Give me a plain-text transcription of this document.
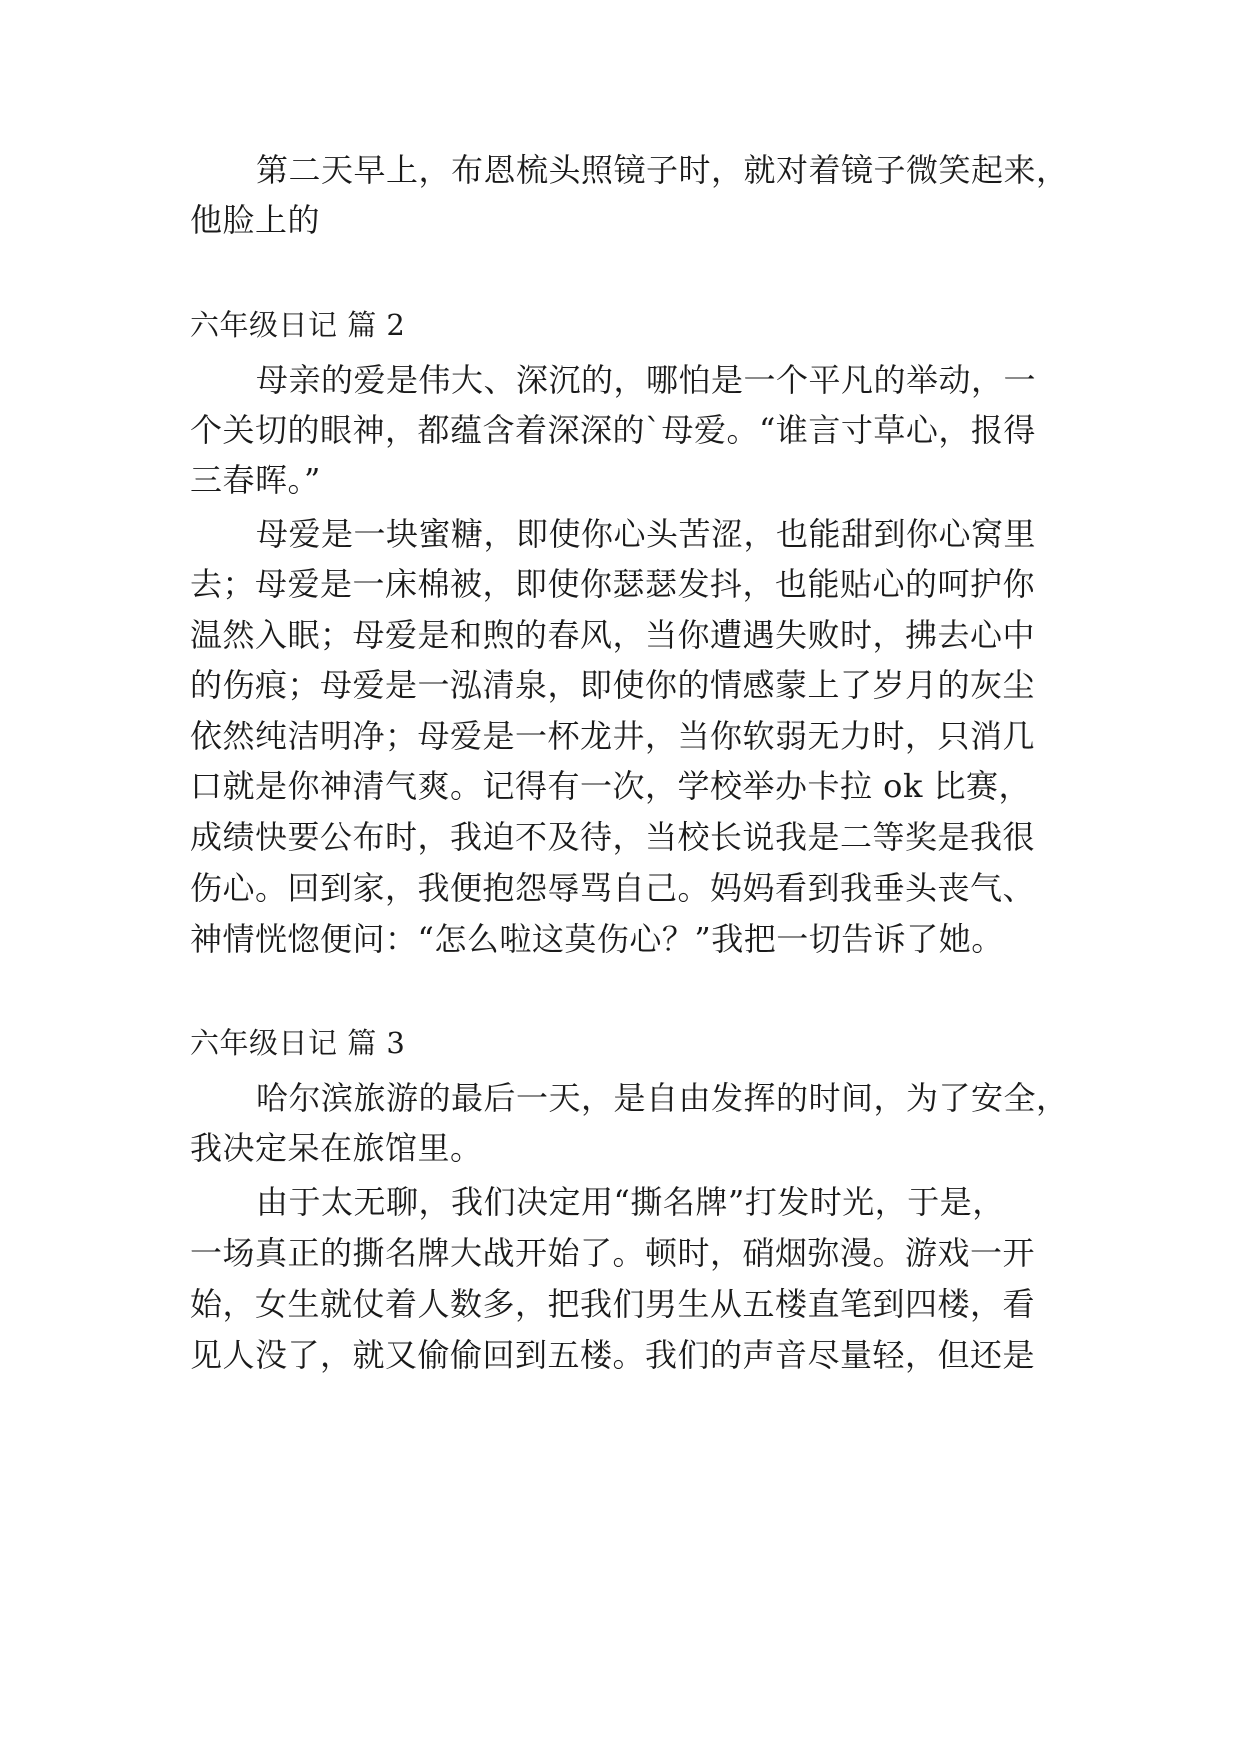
第二天早上，布恩梳头照镜子时，就对着镜子微笑起来，
他脸上的
六年级日记 篇 2
母亲的爱是伟大、深沉的，哪怕是一个平凡的举动，一
个关切的眼神，都蕴含着深深的`母爱。“谁言寸草心，报得
三春晖。”
母爱是一块蜜糖，即使你心头苦涩，也能甜到你心窝里
去；母爱是一床棉被，即使你瑟瑟发抖，也能贴心的呵护你
温然入眠；母爱是和煦的春风，当你遭遇失败时，拂去心中
的伤痕；母爱是一泓清泉，即使你的情感蒙上了岁月的灰尘
依然纯洁明净；母爱是一杯龙井，当你软弱无力时，只消几
口就是你神清气爽。记得有一次，学校举办卡拉 ok 比赛，
成绩快要公布时，我迫不及待，当校长说我是二等奖是我很
伤心。回到家，我便抱怨辱骂自己。妈妈看到我垂头丧气、
神情恍惚便问：“怎么啦这莫伤心？”我把一切告诉了她。
六年级日记 篇 3
哈尔滨旅游的最后一天，是自由发挥的时间，为了安全，
我决定呆在旅馆里。
由于太无聊，我们决定用“撕名牌”打发时光，于是，
一场真正的撕名牌大战开始了。顿时，硝烟弥漫。游戏一开
始，女生就仗着人数多，把我们男生从五楼直笔到四楼，看
见人没了，就又偷偷回到五楼。我们的声音尽量轻，但还是
